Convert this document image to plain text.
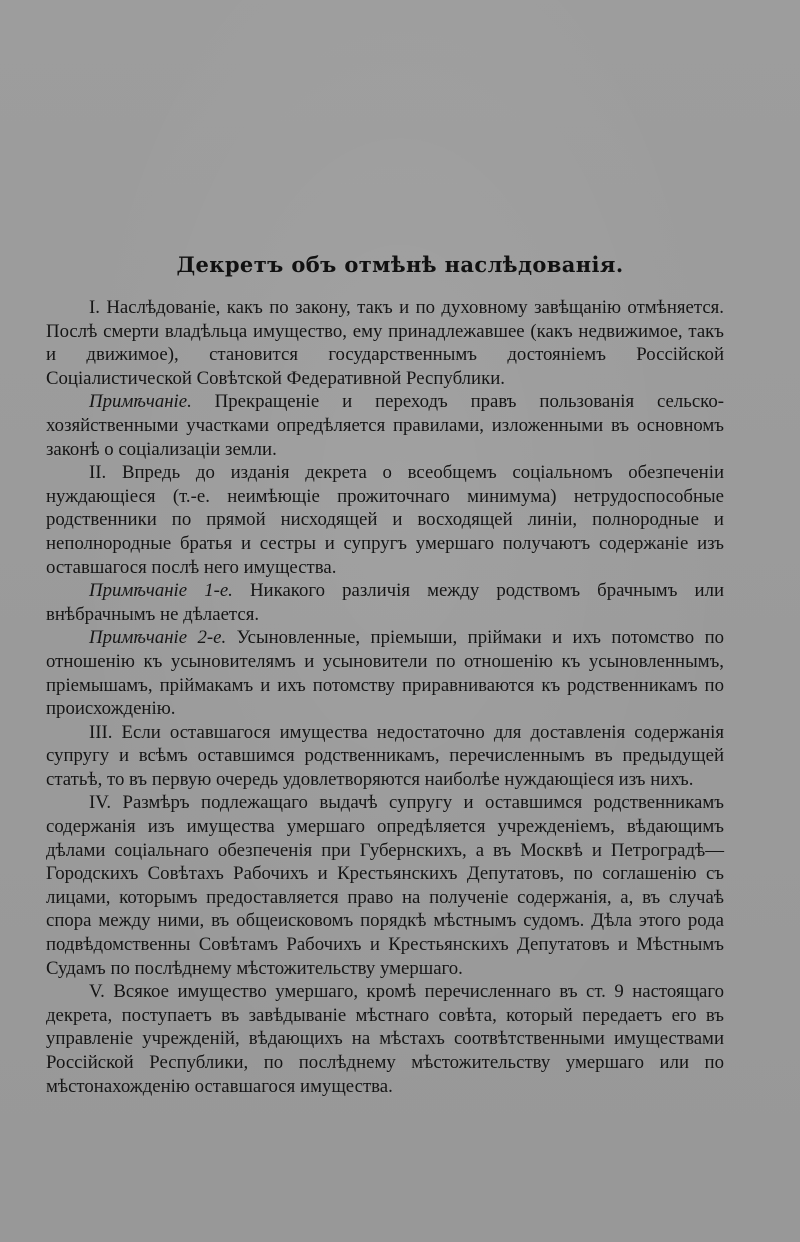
Декретъ объ отмѣнѣ наслѣдованія.

I. Наслѣдованіе, какъ по закону, такъ и по духовному завѣщанію отмѣняется. Послѣ смерти владѣльца имущество, ему принадлежавшее (какъ недвижимое, такъ и движимое), становится государственнымъ достояніемъ Россійской Соціалистической Совѣтской Федеративной Республики.

Примѣчаніе. Прекращеніе и переходъ правъ пользованія сельскохозяйственными участками опредѣляется правилами, изложенными въ основномъ законѣ о соціализаціи земли.

II. Впредь до изданія декрета о всеобщемъ соціальномъ обезпеченіи нуждающіеся (т.-е. неимѣющіе прожиточнаго минимума) нетрудоспособные родственники по прямой нисходящей и восходящей линіи, полнородные и неполнородные братья и сестры и супругъ умершаго получаютъ содержаніе изъ оставшагося послѣ него имущества.

Примѣчаніе 1-е. Никакого различія между родствомъ брачнымъ или внѣбрачнымъ не дѣлается.

Примѣчаніе 2-е. Усыновленные, пріемыши, пріймаки и ихъ потомство по отношенію къ усыновителямъ и усыновители по отношенію къ усыновленнымъ, пріемышамъ, пріймакамъ и ихъ потомству приравниваются къ родственникамъ по происхожденію.

III. Если оставшагося имущества недостаточно для доставленія содержанія супругу и всѣмъ оставшимся родственникамъ, перечисленнымъ въ предыдущей статьѣ, то въ первую очередь удовлетворяются наиболѣе нуждающіеся изъ нихъ.

IV. Размѣръ подлежащаго выдачѣ супругу и оставшимся родственникамъ содержанія изъ имущества умершаго опредѣляется учрежденіемъ, вѣдающимъ дѣлами соціальнаго обезпеченія при Губернскихъ, а въ Москвѣ и Петроградѣ—Городскихъ Совѣтахъ Рабочихъ и Крестьянскихъ Депутатовъ, по соглашенію съ лицами, которымъ предоставляется право на полученіе содержанія, а, въ случаѣ спора между ними, въ общеисковомъ порядкѣ мѣстнымъ судомъ. Дѣла этого рода подвѣдомственны Совѣтамъ Рабочихъ и Крестьянскихъ Депутатовъ и Мѣстнымъ Судамъ по послѣднему мѣстожительству умершаго.

V. Всякое имущество умершаго, кромѣ перечисленнаго въ ст. 9 настоящаго декрета, поступаетъ въ завѣдываніе мѣстнаго совѣта, который передаетъ его въ управленіе учрежденій, вѣдающихъ на мѣстахъ соотвѣтственными имуществами Россійской Республики, по послѣднему мѣстожительству умершаго или по мѣстонахожденію оставшагося имущества.
